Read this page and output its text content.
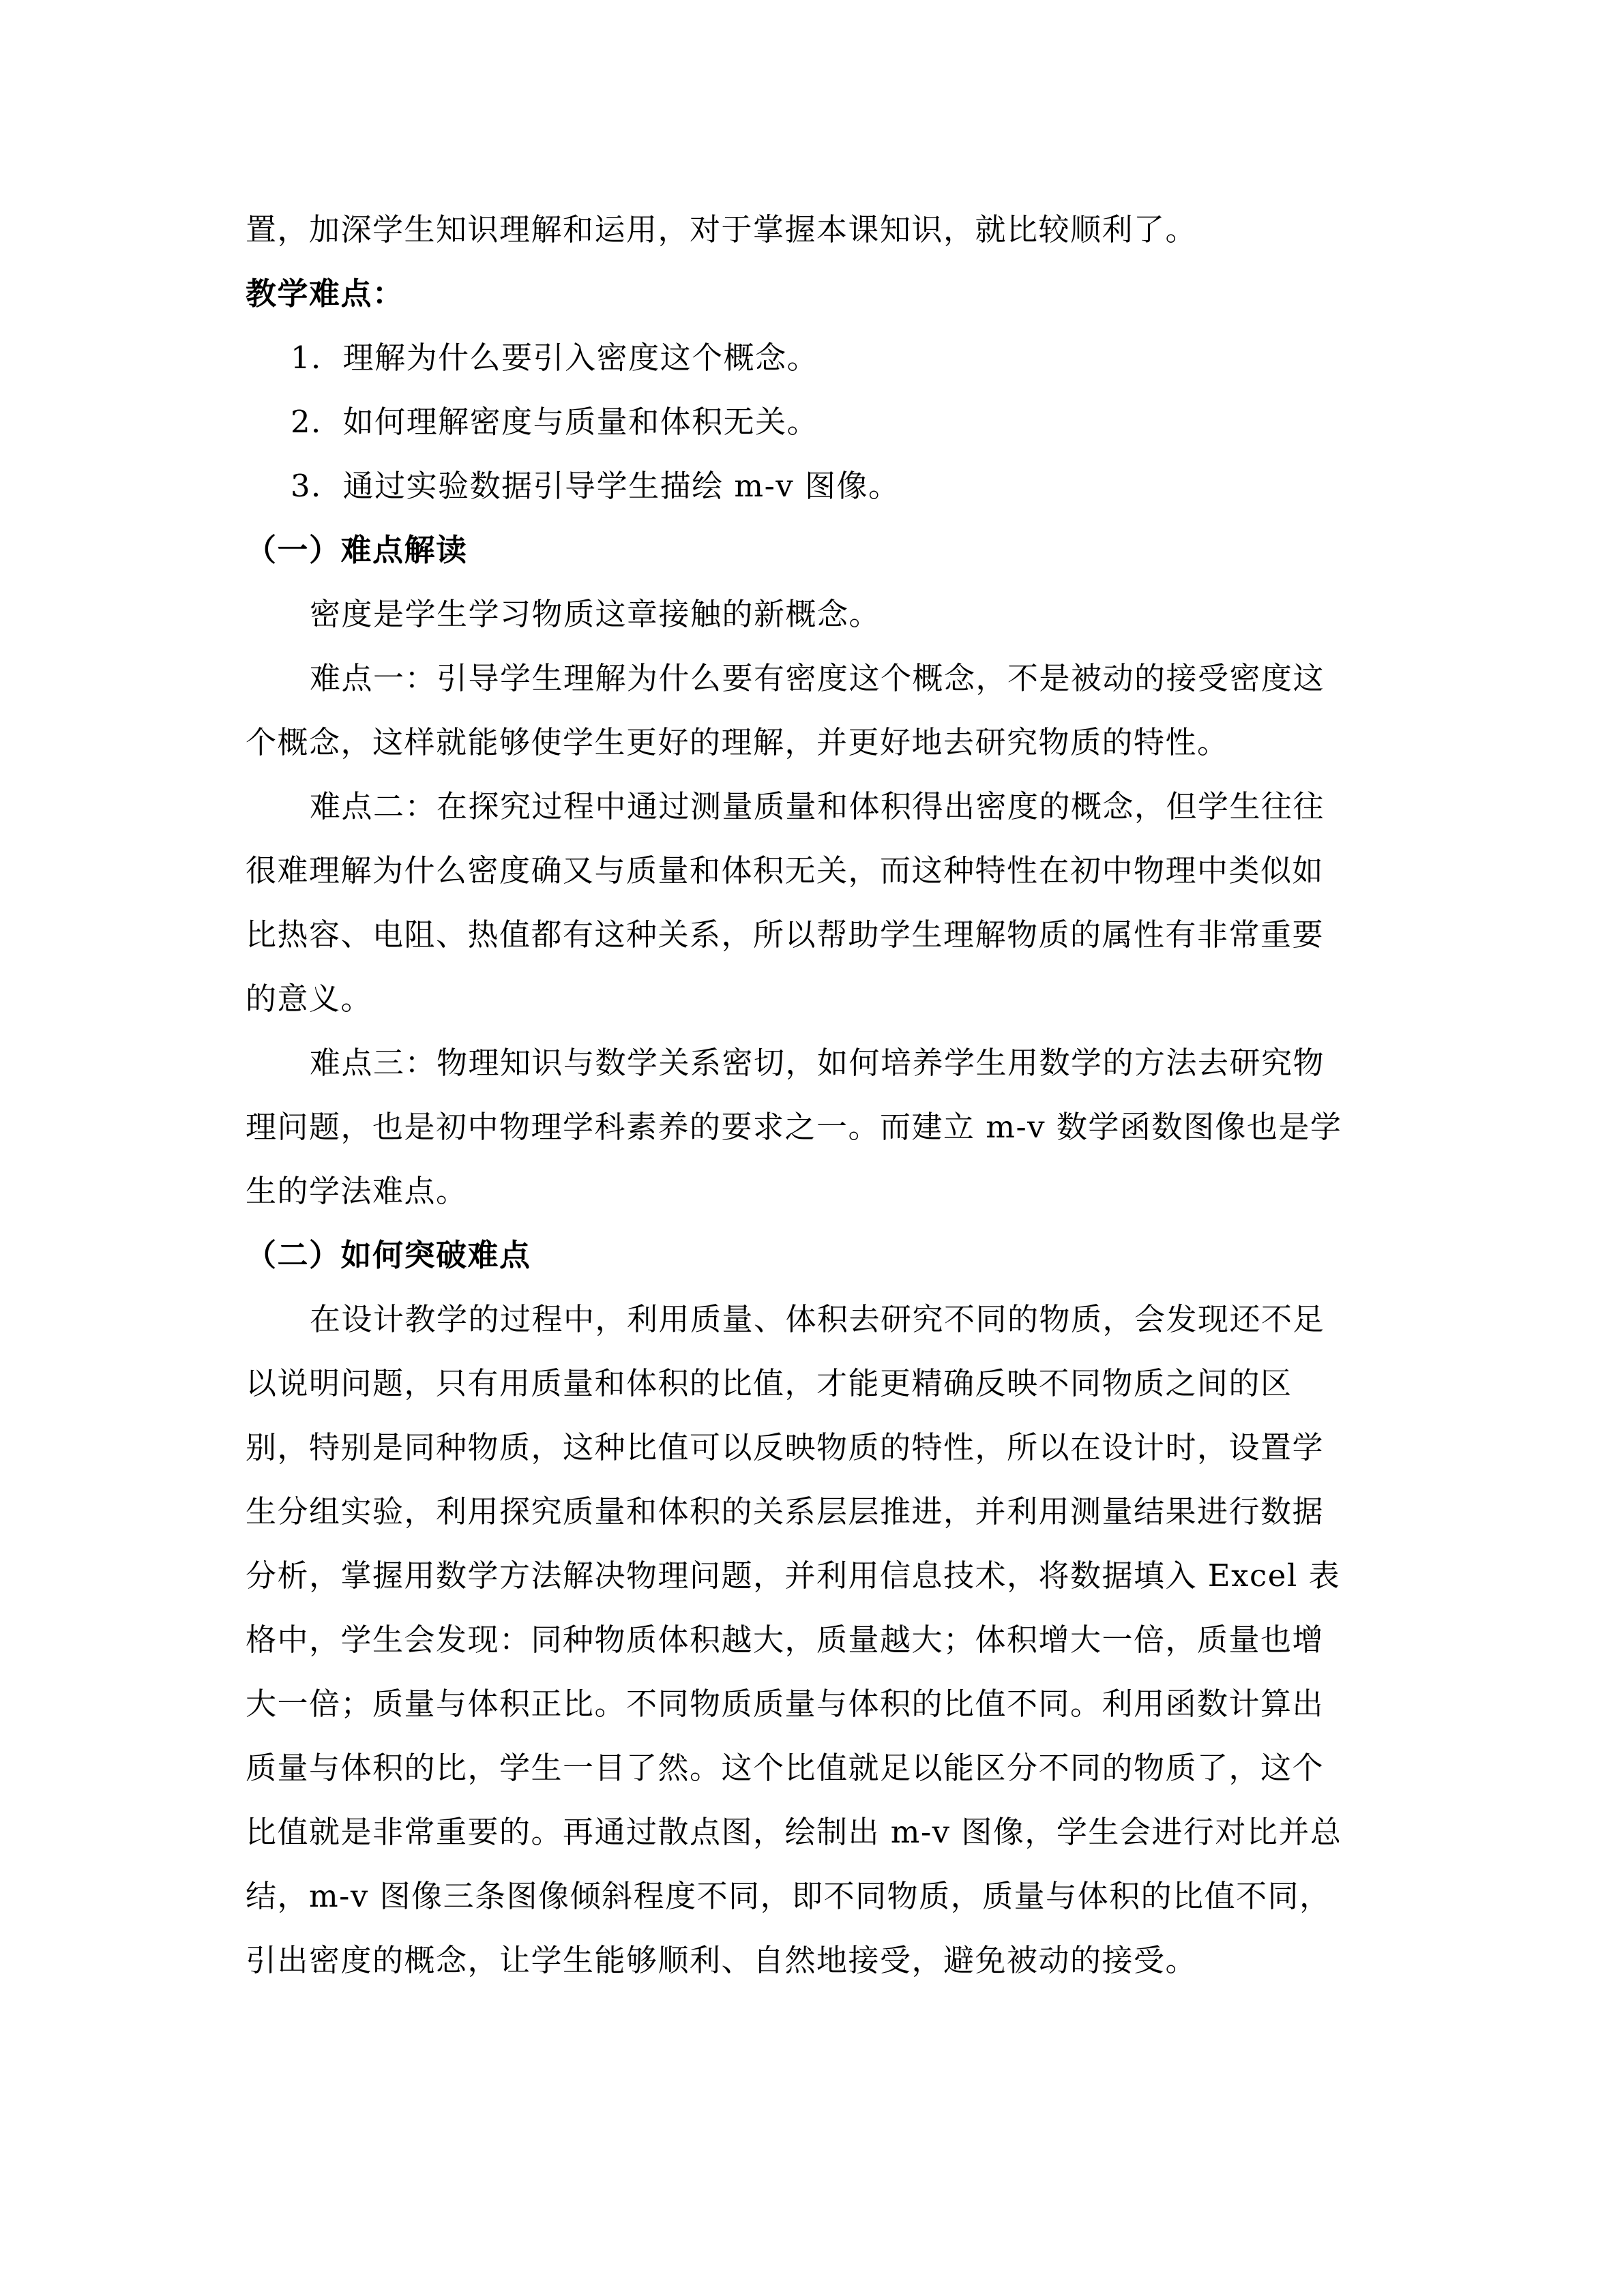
置，加深学生知识理解和运用，对于掌握本课知识，就比较顺利了。
教学难点：
1．理解为什么要引入密度这个概念。
2．如何理解密度与质量和体积无关。
3．通过实验数据引导学生描绘 m-v 图像。
（一）难点解读
密度是学生学习物质这章接触的新概念。
难点一：引导学生理解为什么要有密度这个概念，不是被动的接受密度这
个概念，这样就能够使学生更好的理解，并更好地去研究物质的特性。
难点二：在探究过程中通过测量质量和体积得出密度的概念，但学生往往
很难理解为什么密度确又与质量和体积无关，而这种特性在初中物理中类似如
比热容、电阻、热值都有这种关系，所以帮助学生理解物质的属性有非常重要
的意义。
难点三：物理知识与数学关系密切，如何培养学生用数学的方法去研究物
理问题，也是初中物理学科素养的要求之一。而建立 m-v 数学函数图像也是学
生的学法难点。
（二）如何突破难点
在设计教学的过程中，利用质量、体积去研究不同的物质，会发现还不足
以说明问题，只有用质量和体积的比值，才能更精确反映不同物质之间的区
别，特别是同种物质，这种比值可以反映物质的特性，所以在设计时，设置学
生分组实验，利用探究质量和体积的关系层层推进，并利用测量结果进行数据
分析，掌握用数学方法解决物理问题，并利用信息技术，将数据填入 Excel 表
格中，学生会发现：同种物质体积越大，质量越大；体积增大一倍，质量也增
大一倍；质量与体积正比。不同物质质量与体积的比值不同。利用函数计算出
质量与体积的比，学生一目了然。这个比值就足以能区分不同的物质了，这个
比值就是非常重要的。再通过散点图，绘制出 m-v 图像，学生会进行对比并总
结，m-v 图像三条图像倾斜程度不同，即不同物质，质量与体积的比值不同，
引出密度的概念，让学生能够顺利、自然地接受，避免被动的接受。
